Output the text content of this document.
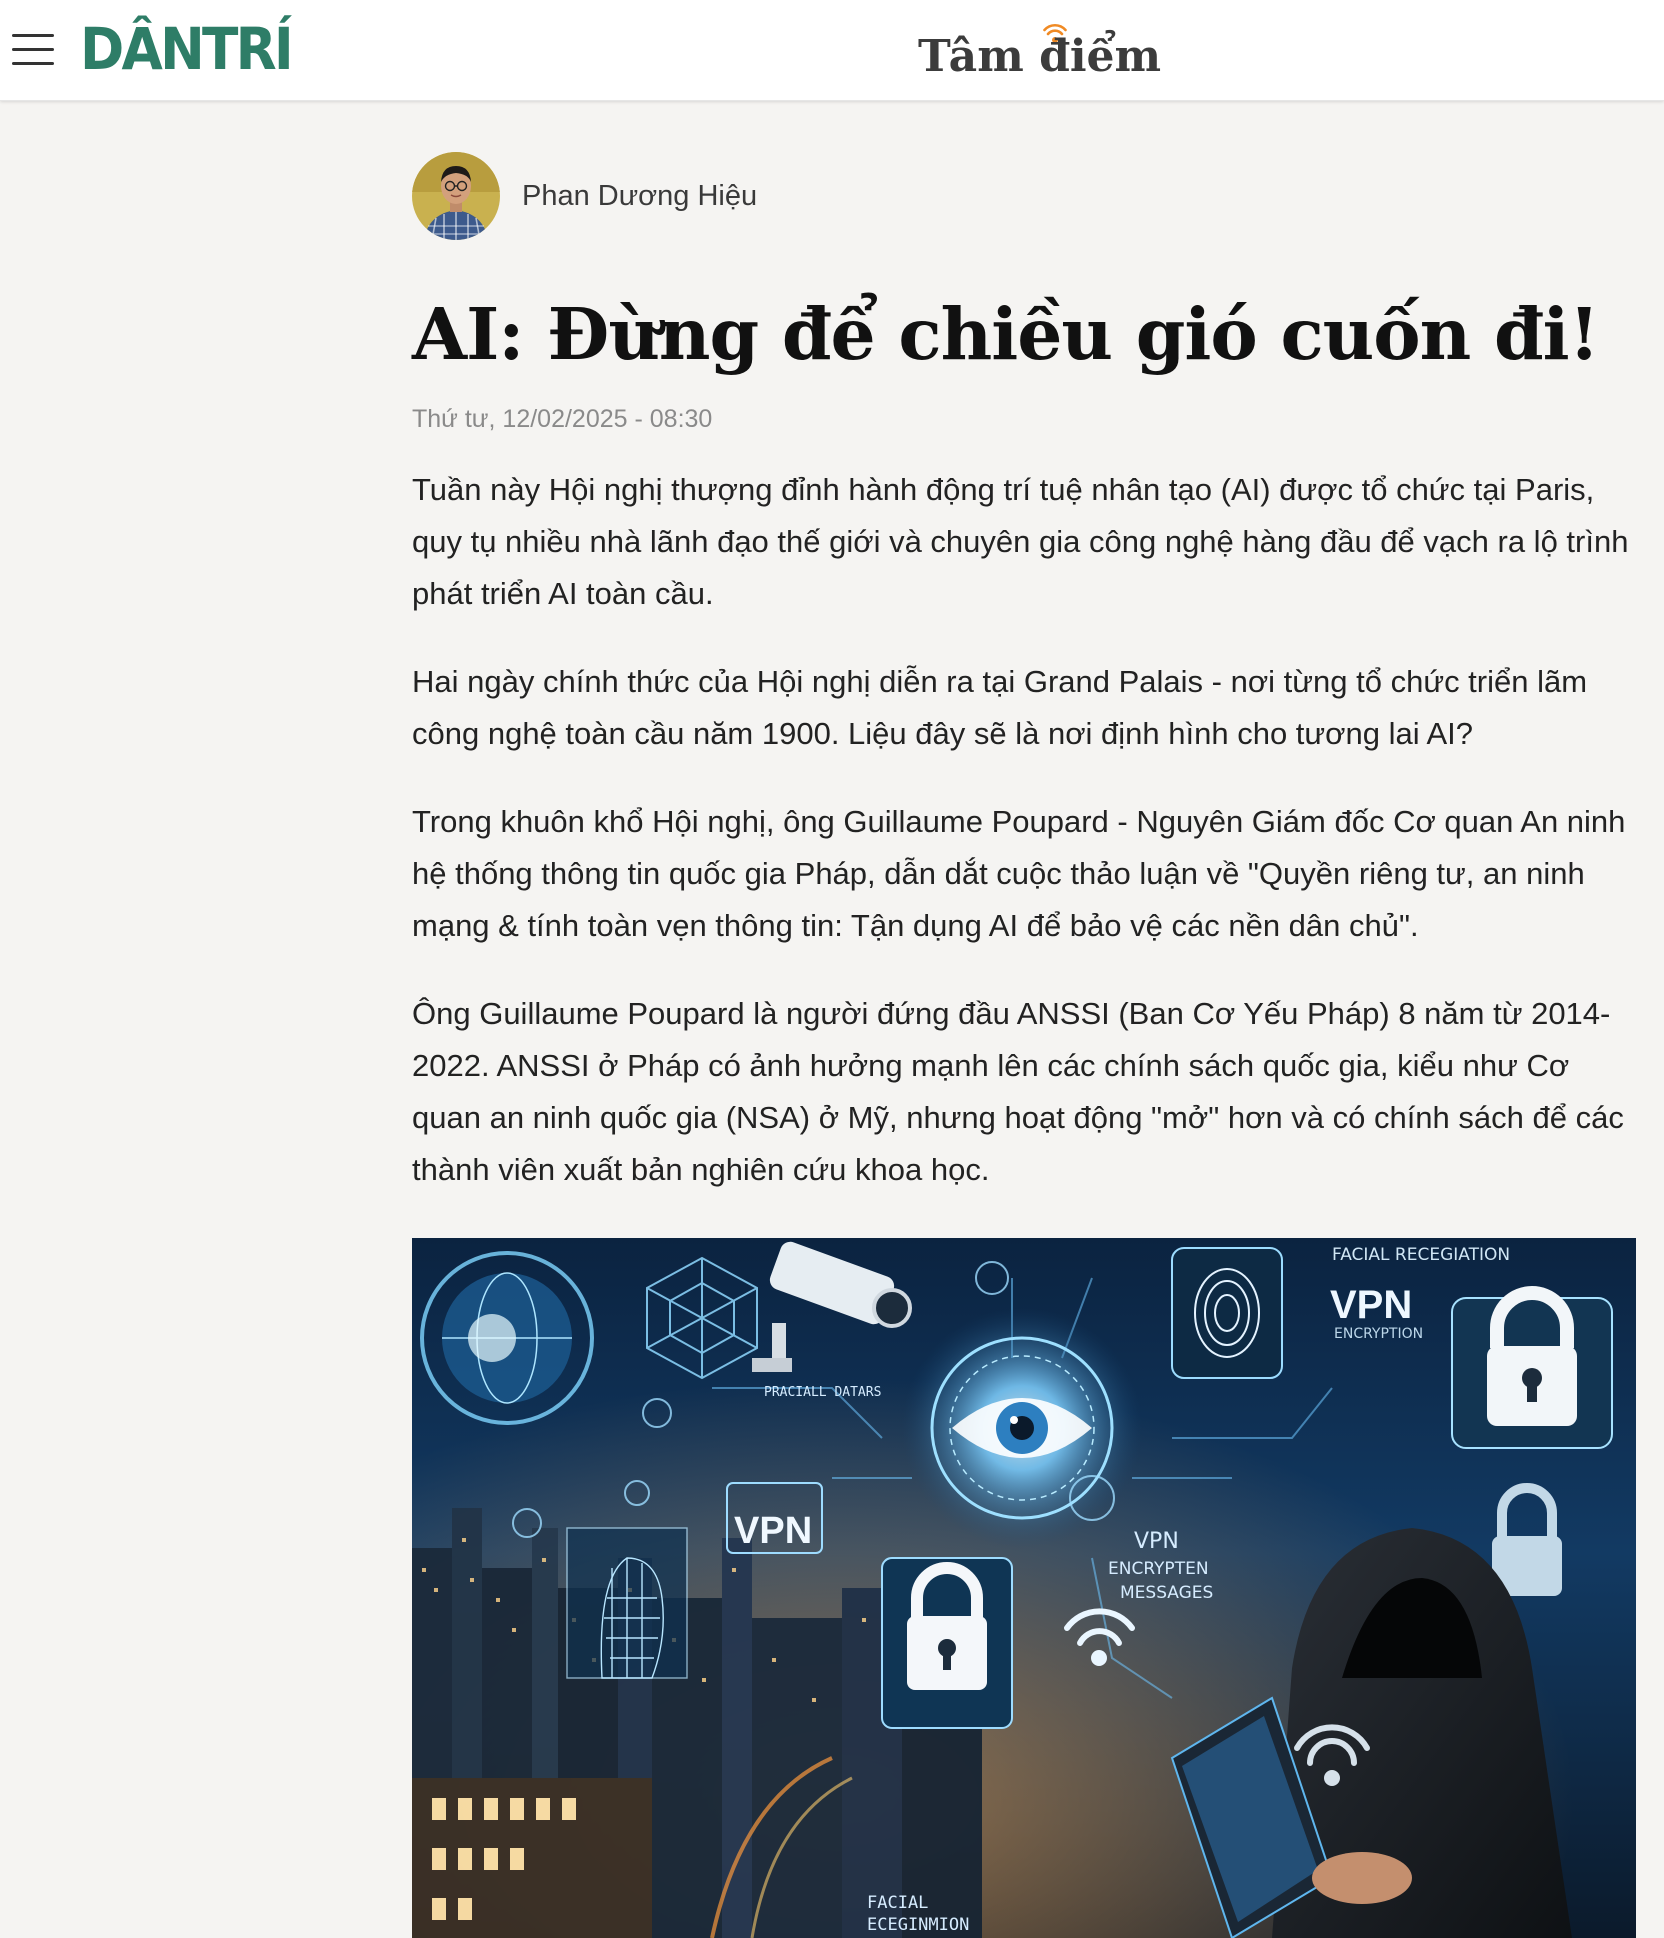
DÂNTRÍ	Tâm điểm
Phan Dương Hiệu
AI: Đừng để chiều gió cuốn đi!
Thứ tư, 12/02/2025 - 08:30

Tuần này Hội nghị thượng đỉnh hành động trí tuệ nhân tạo (AI) được tổ chức tại Paris, quy tụ nhiều nhà lãnh đạo thế giới và chuyên gia công nghệ hàng đầu để vạch ra lộ trình phát triển AI toàn cầu.

Hai ngày chính thức của Hội nghị diễn ra tại Grand Palais - nơi từng tổ chức triển lãm công nghệ toàn cầu năm 1900. Liệu đây sẽ là nơi định hình cho tương lai AI?

Trong khuôn khổ Hội nghị, ông Guillaume Poupard - Nguyên Giám đốc Cơ quan An ninh hệ thống thông tin quốc gia Pháp, dẫn dắt cuộc thảo luận về "Quyền riêng tư, an ninh mạng & tính toàn vẹn thông tin: Tận dụng AI để bảo vệ các nền dân chủ".

Ông Guillaume Poupard là người đứng đầu ANSSI (Ban Cơ Yếu Pháp) 8 năm từ 2014-2022. ANSSI ở Pháp có ảnh hưởng mạnh lên các chính sách quốc gia, kiểu như Cơ quan an ninh quốc gia (NSA) ở Mỹ, nhưng hoạt động "mở" hơn và có chính sách để các thành viên xuất bản nghiên cứu khoa học.

PRACIALL DATARS
FACIAL RECEGIATION
VPN
ENCRYPTION
VPN	VPN
ENCRYPTEN
MESSAGES
FACIAL
ECEGINMION
